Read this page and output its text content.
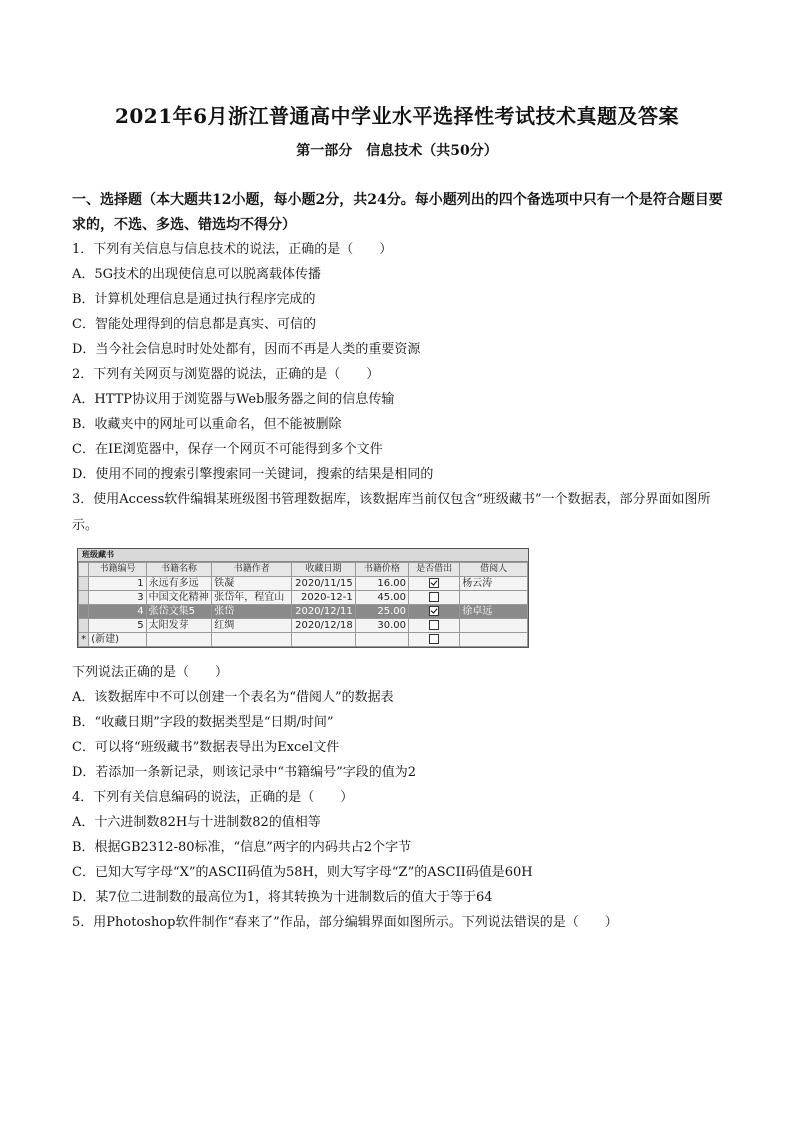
2021年6月浙江普通高中学业水平选择性考试技术真题及答案
第一部分　信息技术（共50分）
一、选择题（本大题共12小题，每小题2分，共24分。每小题列出的四个备选项中只有一个是符合题目要求的，不选、多选、错选均不得分）
1．下列有关信息与信息技术的说法，正确的是（　　）
A．5G技术的出现使信息可以脱离载体传播
B．计算机处理信息是通过执行程序完成的
C．智能处理得到的信息都是真实、可信的
D．当今社会信息时时处处都有，因而不再是人类的重要资源
2．下列有关网页与浏览器的说法，正确的是（　　）
A．HTTP协议用于浏览器与Web服务器之间的信息传输
B．收藏夹中的网址可以重命名，但不能被删除
C．在IE浏览器中，保存一个网页不可能得到多个文件
D．使用不同的搜索引擎搜索同一关键词，搜索的结果是相同的
3．使用Access软件编辑某班级图书管理数据库，该数据库当前仅包含“班级藏书”一个数据表，部分界面如图所示。
班级藏书
	书籍编号	书籍名称	书籍作者	收藏日期	书籍价格	是否借出	借阅人
	1	永远有多远	铁凝	2020/11/15	16.00		杨云涛
	3	中国文化精神	张岱年，程宜山	2020-12-1	45.00		
	4	张岱文集5	张岱	2020/12/11	25.00		徐卓远
	5	太阳发芽	红绸	2020/12/18	30.00		
*	(新建)						
下列说法正确的是（　　）
A．该数据库中不可以创建一个表名为“借阅人”的数据表
B．“收藏日期”字段的数据类型是“日期/时间”
C．可以将“班级藏书”数据表导出为Excel文件
D．若添加一条新记录，则该记录中“书籍编号”字段的值为2
4．下列有关信息编码的说法，正确的是（　　）
A．十六进制数82H与十进制数82的值相等
B．根据GB2312-80标准，“信息”两字的内码共占2个字节
C．已知大写字母“X”的ASCII码值为58H，则大写字母“Z”的ASCII码值是60H
D．某7位二进制数的最高位为1，将其转换为十进制数后的值大于等于64
5．用Photoshop软件制作“春来了”作品，部分编辑界面如图所示。下列说法错误的是（　　）
